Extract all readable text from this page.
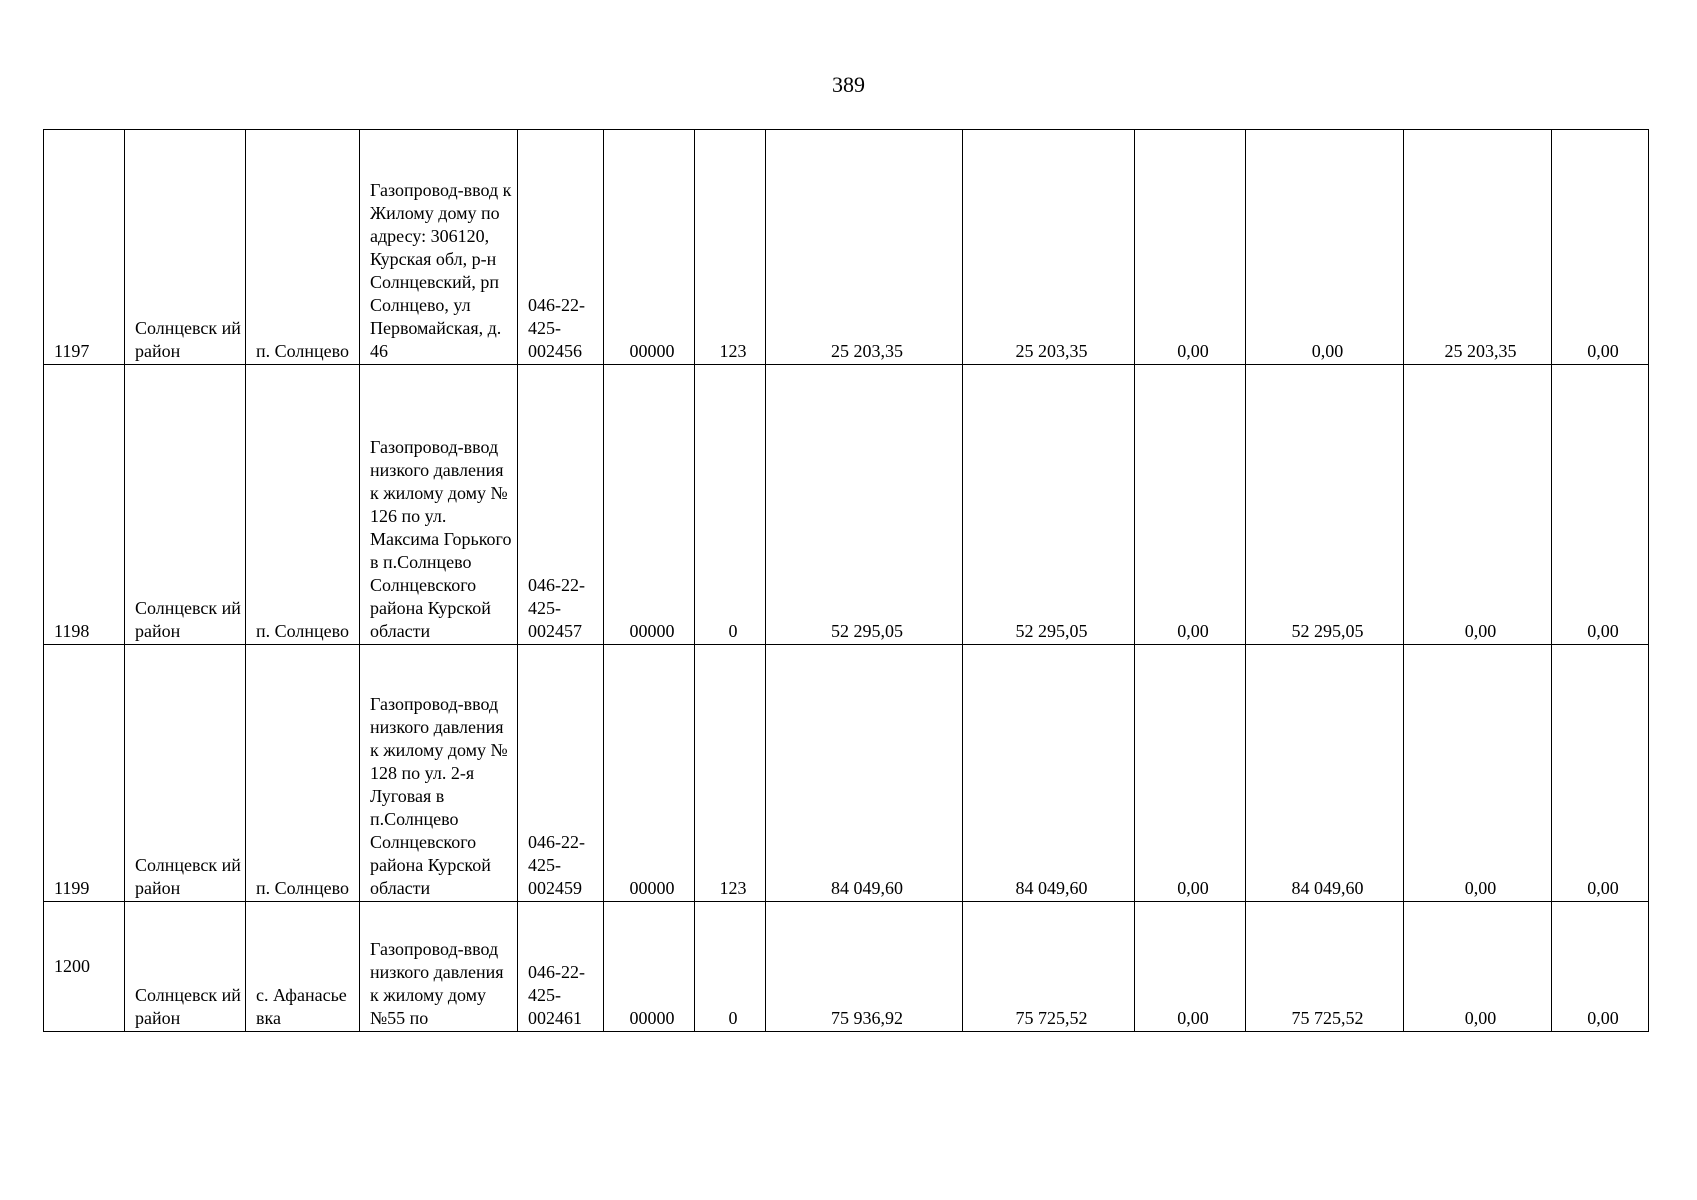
389
1197	Солнцевск ий район	п. Солнцево	Газопровод-ввод к Жилому дому по адресу: 306120, Курская обл, р-н Солнцевский, рп Солнцево, ул Первомайская, д. 46	046-22-425-002456	00000	123	25 203,35	25 203,35	0,00	0,00	25 203,35	0,00
1198	Солнцевск ий район	п. Солнцево	Газопровод-ввод низкого давления к жилому дому № 126 по ул. Максима Горького в п.Солнцево Солнцевского района Курской области	046-22-425-002457	00000	0	52 295,05	52 295,05	0,00	52 295,05	0,00	0,00
1199	Солнцевск ий район	п. Солнцево	Газопровод-ввод низкого давления к жилому дому № 128 по ул. 2-я Луговая в п.Солнцево Солнцевского района Курской области	046-22-425-002459	00000	123	84 049,60	84 049,60	0,00	84 049,60	0,00	0,00
1200	Солнцевск ий район	с. Афанасье вка	Газопровод-ввод низкого давления к жилому дому №55 по	046-22-425-002461	00000	0	75 936,92	75 725,52	0,00	75 725,52	0,00	0,00
